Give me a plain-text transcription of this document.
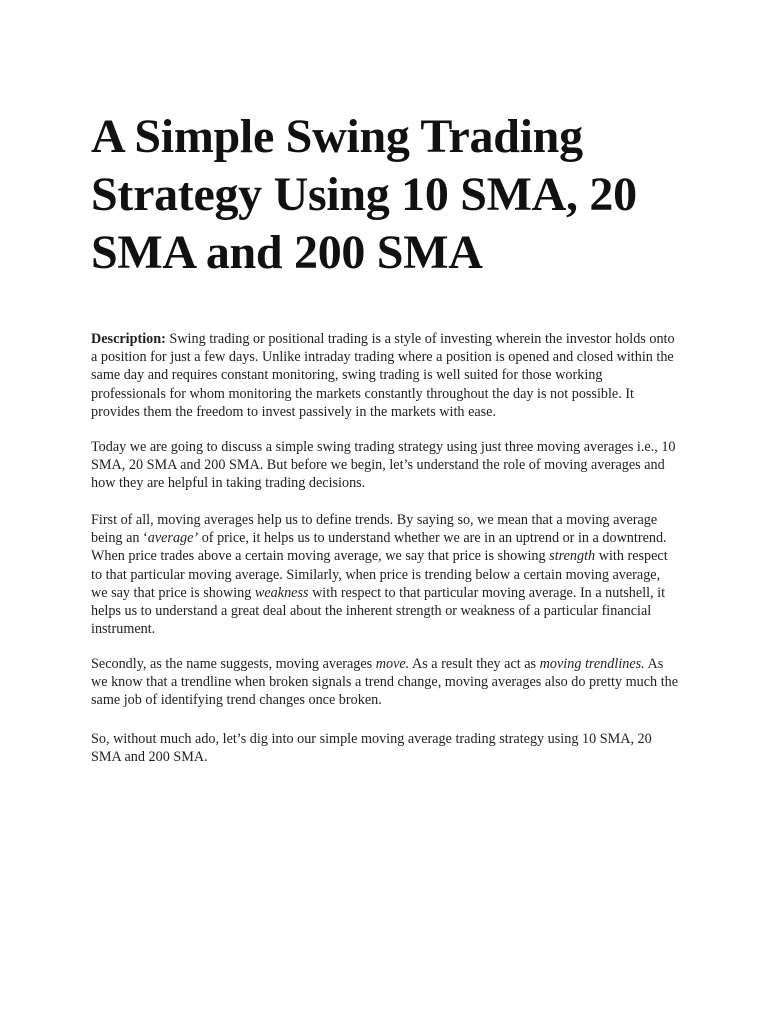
A Simple Swing Trading Strategy Using 10 SMA, 20 SMA and 200 SMA

Description: Swing trading or positional trading is a style of investing wherein the investor holds onto a position for just a few days. Unlike intraday trading where a position is opened and closed within the same day and requires constant monitoring, swing trading is well suited for those working professionals for whom monitoring the markets constantly throughout the day is not possible. It provides them the freedom to invest passively in the markets with ease.

Today we are going to discuss a simple swing trading strategy using just three moving averages i.e., 10 SMA, 20 SMA and 200 SMA. But before we begin, let’s understand the role of moving averages and how they are helpful in taking trading decisions.

First of all, moving averages help us to define trends. By saying so, we mean that a moving average being an ‘average’ of price, it helps us to understand whether we are in an uptrend or in a downtrend. When price trades above a certain moving average, we say that price is showing strength with respect to that particular moving average. Similarly, when price is trending below a certain moving average, we say that price is showing weakness with respect to that particular moving average. In a nutshell, it helps us to understand a great deal about the inherent strength or weakness of a particular financial instrument.

Secondly, as the name suggests, moving averages move. As a result they act as moving trendlines. As we know that a trendline when broken signals a trend change, moving averages also do pretty much the same job of identifying trend changes once broken.

So, without much ado, let’s dig into our simple moving average trading strategy using 10 SMA, 20 SMA and 200 SMA.
